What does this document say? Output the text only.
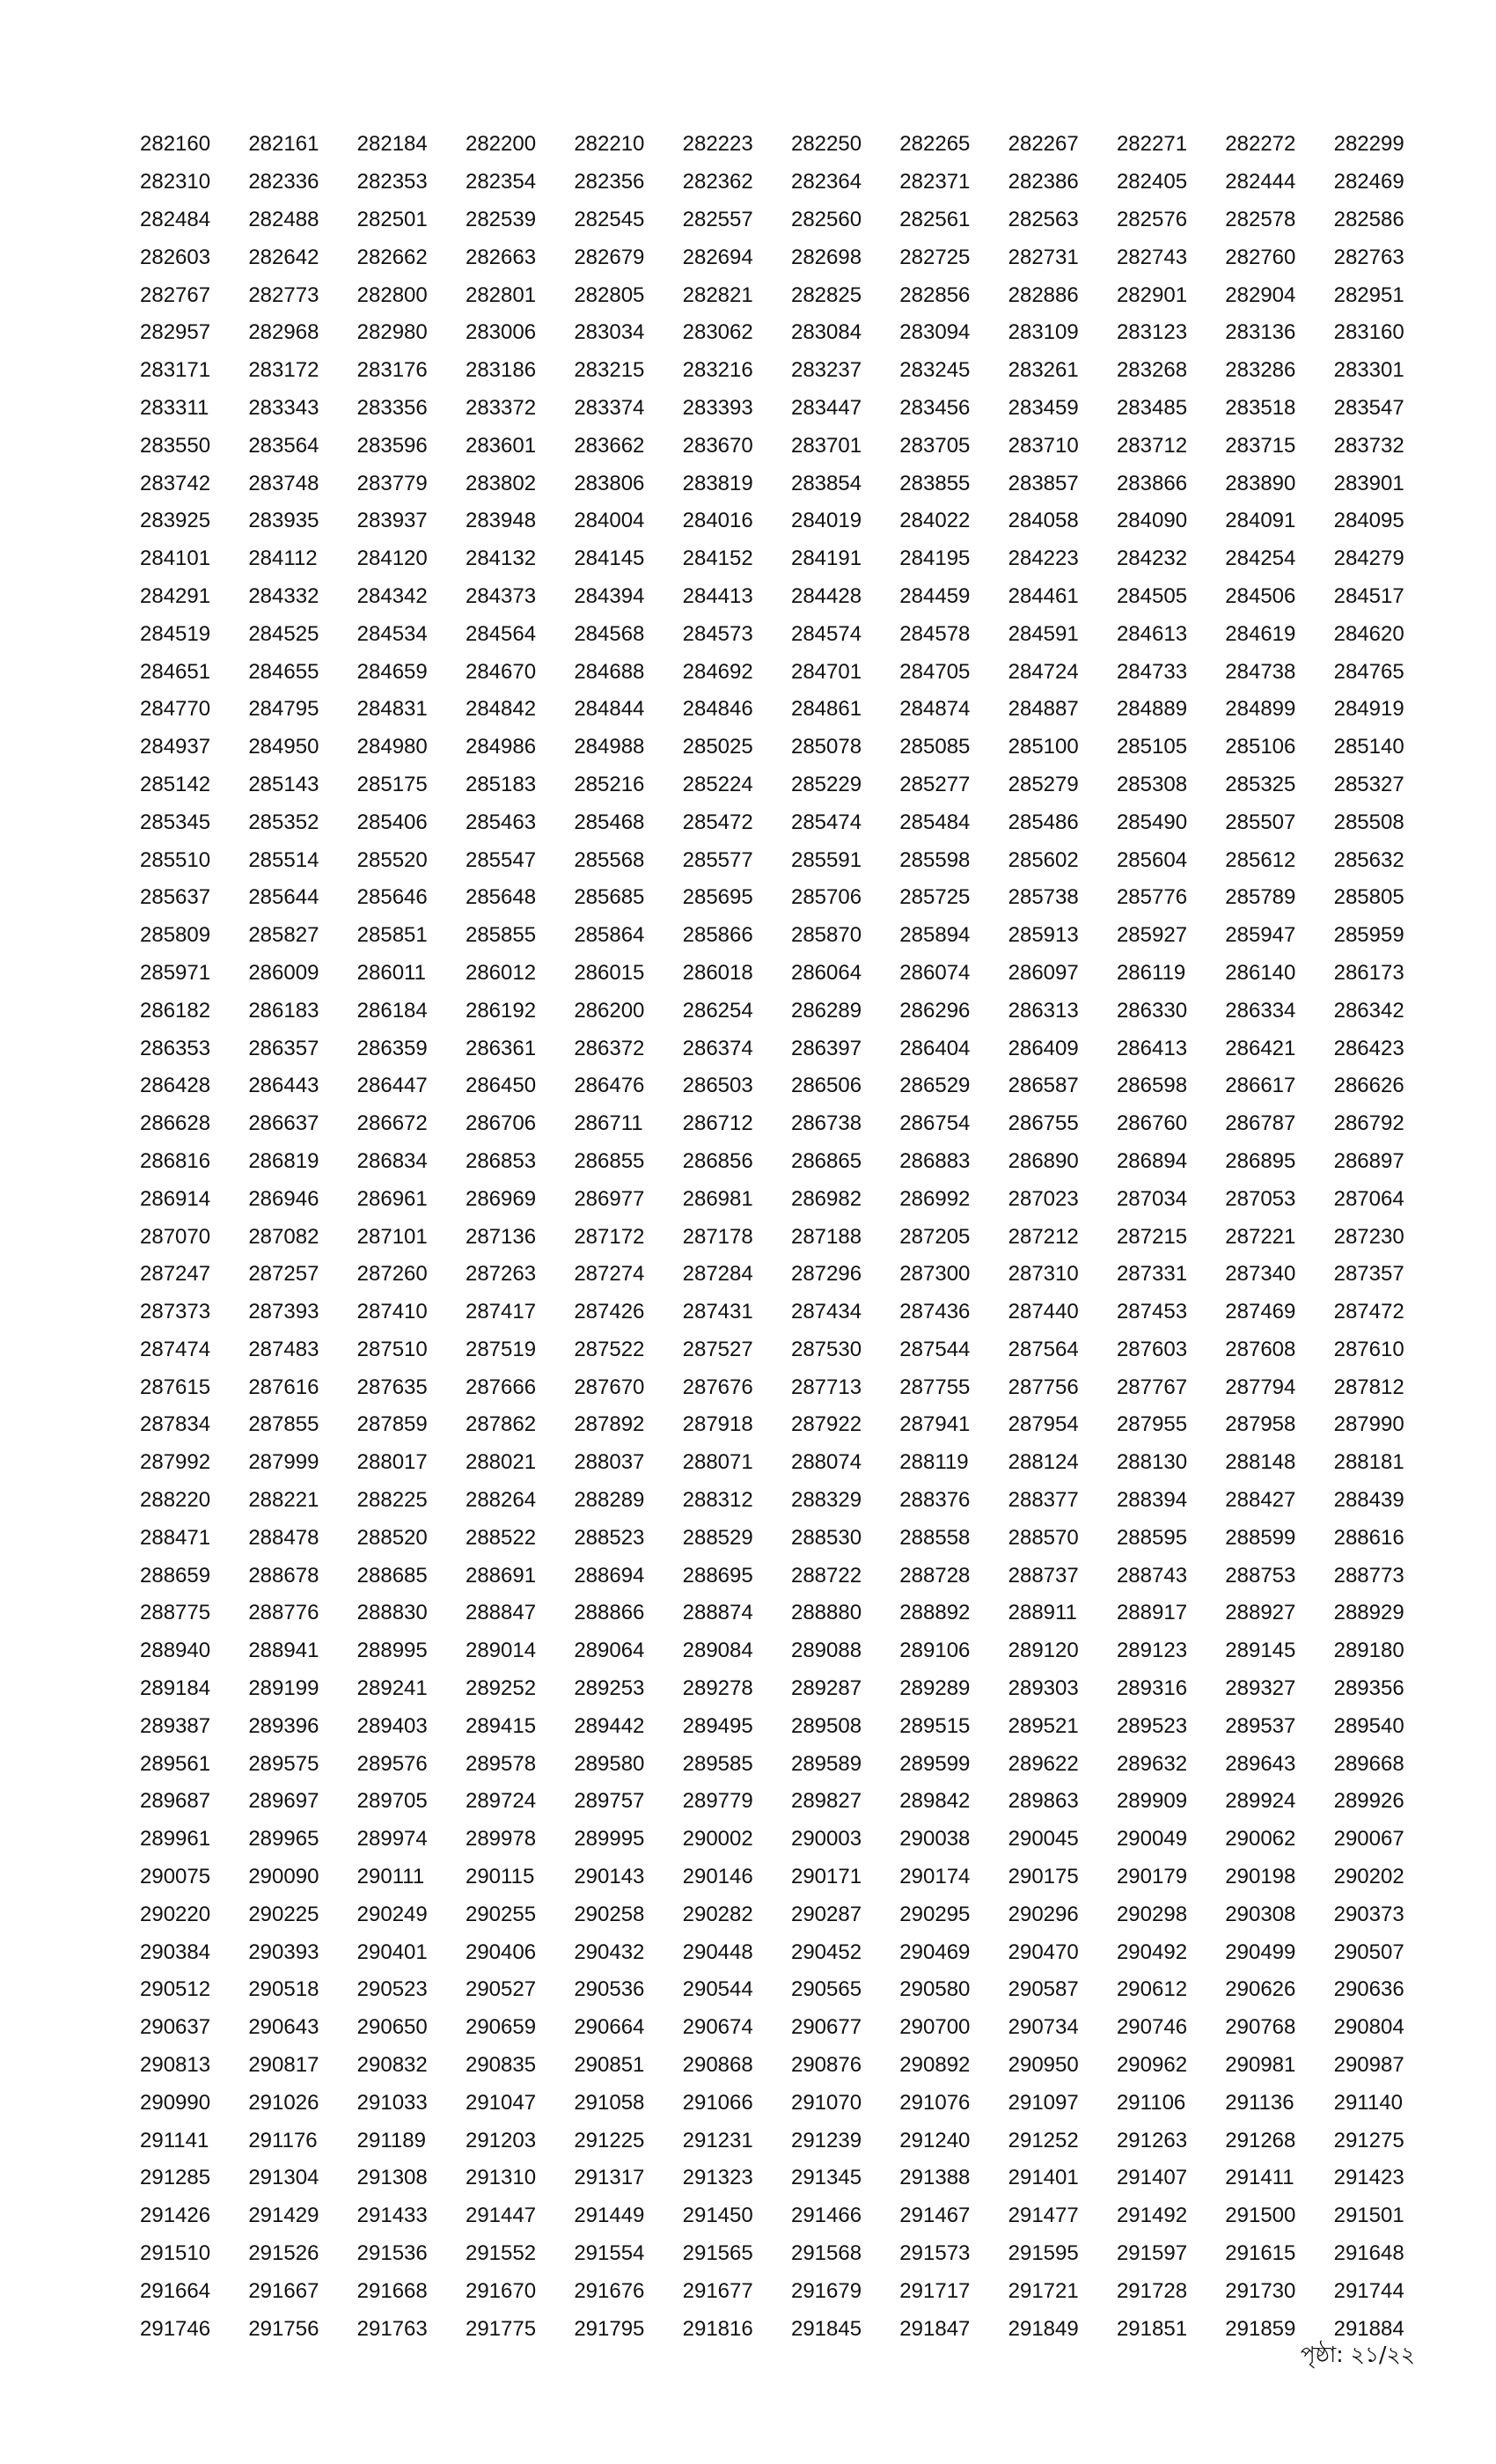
282160	282161	282184	282200	282210	282223	282250	282265	282267	282271	282272	282299
282310	282336	282353	282354	282356	282362	282364	282371	282386	282405	282444	282469
282484	282488	282501	282539	282545	282557	282560	282561	282563	282576	282578	282586
282603	282642	282662	282663	282679	282694	282698	282725	282731	282743	282760	282763
282767	282773	282800	282801	282805	282821	282825	282856	282886	282901	282904	282951
282957	282968	282980	283006	283034	283062	283084	283094	283109	283123	283136	283160
283171	283172	283176	283186	283215	283216	283237	283245	283261	283268	283286	283301
283311	283343	283356	283372	283374	283393	283447	283456	283459	283485	283518	283547
283550	283564	283596	283601	283662	283670	283701	283705	283710	283712	283715	283732
283742	283748	283779	283802	283806	283819	283854	283855	283857	283866	283890	283901
283925	283935	283937	283948	284004	284016	284019	284022	284058	284090	284091	284095
284101	284112	284120	284132	284145	284152	284191	284195	284223	284232	284254	284279
284291	284332	284342	284373	284394	284413	284428	284459	284461	284505	284506	284517
284519	284525	284534	284564	284568	284573	284574	284578	284591	284613	284619	284620
284651	284655	284659	284670	284688	284692	284701	284705	284724	284733	284738	284765
284770	284795	284831	284842	284844	284846	284861	284874	284887	284889	284899	284919
284937	284950	284980	284986	284988	285025	285078	285085	285100	285105	285106	285140
285142	285143	285175	285183	285216	285224	285229	285277	285279	285308	285325	285327
285345	285352	285406	285463	285468	285472	285474	285484	285486	285490	285507	285508
285510	285514	285520	285547	285568	285577	285591	285598	285602	285604	285612	285632
285637	285644	285646	285648	285685	285695	285706	285725	285738	285776	285789	285805
285809	285827	285851	285855	285864	285866	285870	285894	285913	285927	285947	285959
285971	286009	286011	286012	286015	286018	286064	286074	286097	286119	286140	286173
286182	286183	286184	286192	286200	286254	286289	286296	286313	286330	286334	286342
286353	286357	286359	286361	286372	286374	286397	286404	286409	286413	286421	286423
286428	286443	286447	286450	286476	286503	286506	286529	286587	286598	286617	286626
286628	286637	286672	286706	286711	286712	286738	286754	286755	286760	286787	286792
286816	286819	286834	286853	286855	286856	286865	286883	286890	286894	286895	286897
286914	286946	286961	286969	286977	286981	286982	286992	287023	287034	287053	287064
287070	287082	287101	287136	287172	287178	287188	287205	287212	287215	287221	287230
287247	287257	287260	287263	287274	287284	287296	287300	287310	287331	287340	287357
287373	287393	287410	287417	287426	287431	287434	287436	287440	287453	287469	287472
287474	287483	287510	287519	287522	287527	287530	287544	287564	287603	287608	287610
287615	287616	287635	287666	287670	287676	287713	287755	287756	287767	287794	287812
287834	287855	287859	287862	287892	287918	287922	287941	287954	287955	287958	287990
287992	287999	288017	288021	288037	288071	288074	288119	288124	288130	288148	288181
288220	288221	288225	288264	288289	288312	288329	288376	288377	288394	288427	288439
288471	288478	288520	288522	288523	288529	288530	288558	288570	288595	288599	288616
288659	288678	288685	288691	288694	288695	288722	288728	288737	288743	288753	288773
288775	288776	288830	288847	288866	288874	288880	288892	288911	288917	288927	288929
288940	288941	288995	289014	289064	289084	289088	289106	289120	289123	289145	289180
289184	289199	289241	289252	289253	289278	289287	289289	289303	289316	289327	289356
289387	289396	289403	289415	289442	289495	289508	289515	289521	289523	289537	289540
289561	289575	289576	289578	289580	289585	289589	289599	289622	289632	289643	289668
289687	289697	289705	289724	289757	289779	289827	289842	289863	289909	289924	289926
289961	289965	289974	289978	289995	290002	290003	290038	290045	290049	290062	290067
290075	290090	290111	290115	290143	290146	290171	290174	290175	290179	290198	290202
290220	290225	290249	290255	290258	290282	290287	290295	290296	290298	290308	290373
290384	290393	290401	290406	290432	290448	290452	290469	290470	290492	290499	290507
290512	290518	290523	290527	290536	290544	290565	290580	290587	290612	290626	290636
290637	290643	290650	290659	290664	290674	290677	290700	290734	290746	290768	290804
290813	290817	290832	290835	290851	290868	290876	290892	290950	290962	290981	290987
290990	291026	291033	291047	291058	291066	291070	291076	291097	291106	291136	291140
291141	291176	291189	291203	291225	291231	291239	291240	291252	291263	291268	291275
291285	291304	291308	291310	291317	291323	291345	291388	291401	291407	291411	291423
291426	291429	291433	291447	291449	291450	291466	291467	291477	291492	291500	291501
291510	291526	291536	291552	291554	291565	291568	291573	291595	291597	291615	291648
291664	291667	291668	291670	291676	291677	291679	291717	291721	291728	291730	291744
291746	291756	291763	291775	291795	291816	291845	291847	291849	291851	291859	291884
পৃষ্ঠা: ২১/২২
